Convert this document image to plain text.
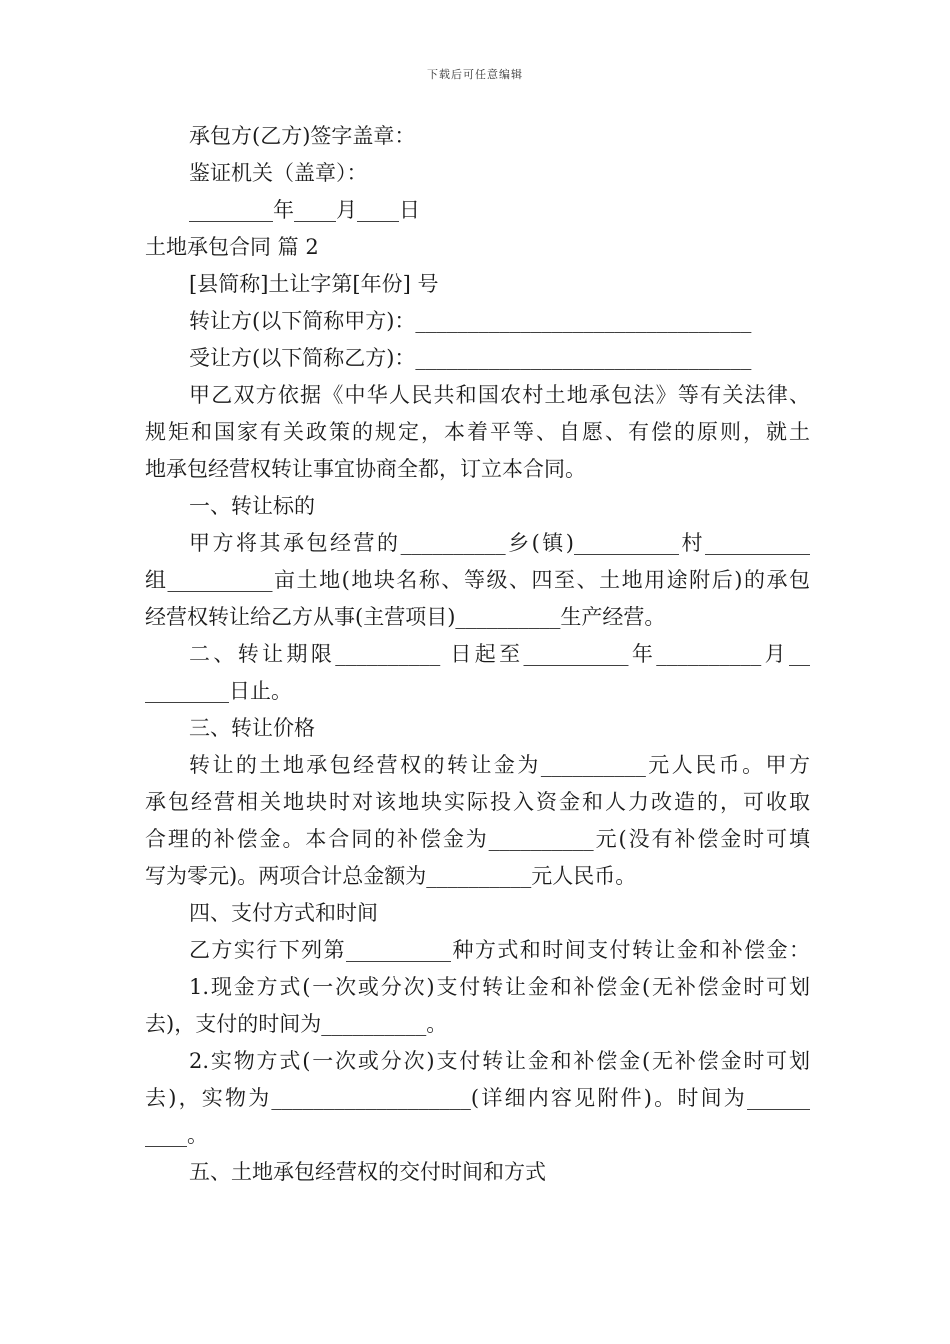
下载后可任意编辑
承包方(乙方)签字盖章：
鉴证机关（盖章）：
________年____月____日
土地承包合同 篇 2
[县简称]土让字第[年份] 号
转让方(以下简称甲方)：________________________________
受让方(以下简称乙方)：________________________________
甲乙双方依据《中华人民共和国农村土地承包法》等有关法律、
规矩和国家有关政策的规定，本着平等、自愿、有偿的原则，就土
地承包经营权转让事宜协商全都，订立本合同。
一、转让标的
甲方将其承包经营的__________乡(镇)__________村__________
组__________亩土地(地块名称、等级、四至、土地用途附后)的承包
经营权转让给乙方从事(主营项目)__________生产经营。
二、转让期限__________ 日起至__________年__________月__
________日止。
三、转让价格
转让的土地承包经营权的转让金为__________元人民币。甲方
承包经营相关地块时对该地块实际投入资金和人力改造的，可收取
合理的补偿金。本合同的补偿金为__________元(没有补偿金时可填
写为零元)。两项合计总金额为__________元人民币。
四、支付方式和时间
乙方实行下列第__________种方式和时间支付转让金和补偿金：
1.现金方式(一次或分次)支付转让金和补偿金(无补偿金时可划
去)，支付的时间为__________。
2.实物方式(一次或分次)支付转让金和补偿金(无补偿金时可划
去)，实物为___________________(详细内容见附件)。时间为______
____。
五、土地承包经营权的交付时间和方式
